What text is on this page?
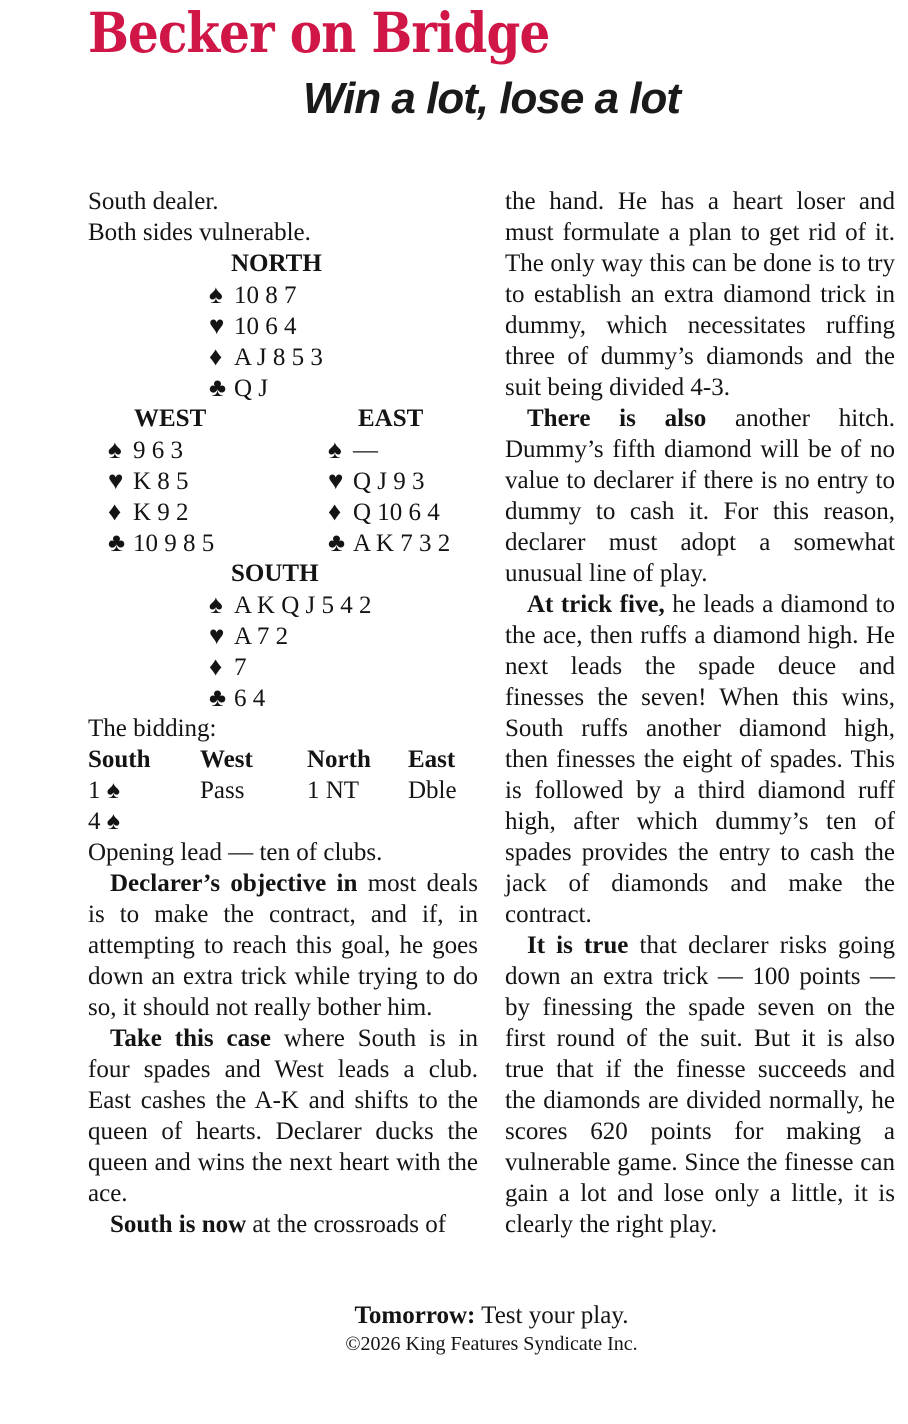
Becker on Bridge
Win a lot, lose a lot
South dealer.
Both sides vulnerable.
NORTH
♠ 10 8 7
♥ 10 6 4
♦ A J 8 5 3
♣ Q J
WEST
♠ 9 6 3
♥ K 8 5
♦ K 9 2
♣ 10 9 8 5
EAST
♠ —
♥ Q J 9 3
♦ Q 10 6 4
♣ A K 7 3 2
SOUTH
♠ A K Q J 5 4 2
♥ A 7 2
♦ 7
♣ 6 4
The bidding:
South West North East
1 ♠	Pass	1 NT Dble
4 ♠
Opening lead — ten of clubs.

Declarer’s objective in most deals is to make the contract, and if, in attempting to reach this goal, he goes down an extra trick while trying to do so, it should not really bother him.

Take this case where South is in four spades and West leads a club. East cashes the A-K and shifts to the queen of hearts. Declarer ducks the queen and wins the next heart with the ace.

South is now at the crossroads of

the hand. He has a heart loser and must formulate a plan to get rid of it. The only way this can be done is to try to establish an extra diamond trick in dummy, which necessitates ruffing three of dummy’s diamonds and the suit being divided 4-3.

There is also another hitch. Dummy’s fifth diamond will be of no value to declarer if there is no entry to dummy to cash it. For this reason, declarer must adopt a somewhat unusual line of play.

At trick five, he leads a diamond to the ace, then ruffs a diamond high. He next leads the spade deuce and finesses the seven! When this wins, South ruffs another diamond high, then finesses the eight of spades. This is followed by a third diamond ruff high, after which dummy’s ten of spades provides the entry to cash the jack of diamonds and make the contract.

It is true that declarer risks going down an extra trick — 100 points — by finessing the spade seven on the first round of the suit. But it is also true that if the finesse succeeds and the diamonds are divided normally, he scores 620 points for making a vulnerable game. Since the finesse can gain a lot and lose only a little, it is clearly the right play.

Tomorrow: Test your play.
©2026 King Features Syndicate Inc.
